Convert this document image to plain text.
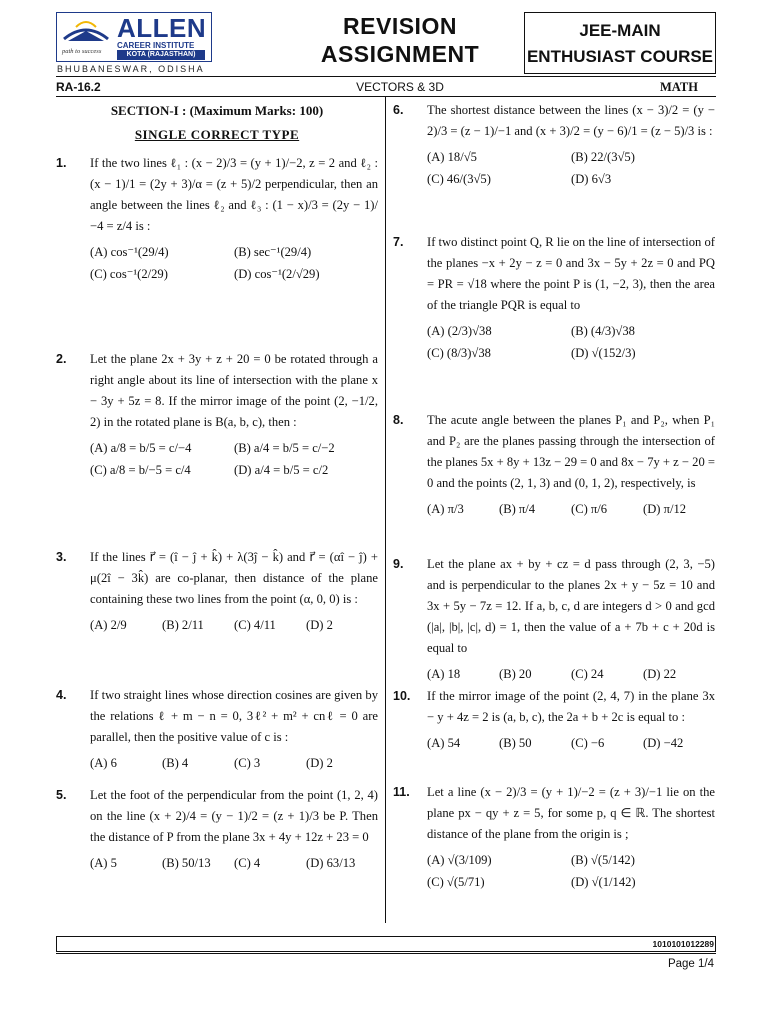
ALLEN
CAREER INSTITUTE
KOTA (RAJASTHAN)
path to success
BHUBANESWAR, ODISHA
REVISION
ASSIGNMENT
JEE-MAIN
ENTHUSIAST COURSE
RA-16.2	VECTORS & 3D	MATH
SECTION-I : (Maximum Marks: 100)
SINGLE CORRECT TYPE
1. If the two lines ℓ₁ : (x − 2)/3 = (y + 1)/−2, z = 2 and ℓ₂ : (x − 1)/1 = (2y + 3)/α = (z + 5)/2 perpendicular, then an angle between the lines ℓ₂ and ℓ₃ : (1 − x)/3 = (2y − 1)/−4 = z/4 is :
(A) cos⁻¹(29/4)	(B) sec⁻¹(29/4)
(C) cos⁻¹(2/29)	(D) cos⁻¹(2/√29)
2. Let the plane 2x + 3y + z + 20 = 0 be rotated through a right angle about its line of intersection with the plane x − 3y + 5z = 8. If the mirror image of the point (2, −1/2, 2) in the rotated plane is B(a, b, c), then :
(A) a/8 = b/5 = c/−4	(B) a/4 = b/5 = c/−2
(C) a/8 = b/−5 = c/4	(D) a/4 = b/5 = c/2
3. If the lines r⃗ = (î − ĵ + k̂) + λ(3ĵ − k̂) and r⃗ = (αî − ĵ) + μ(2î − 3k̂) are co-planar, then distance of the plane containing these two lines from the point (α, 0, 0) is :
(A) 2/9	(B) 2/11	(C) 4/11	(D) 2
4. If two straight lines whose direction cosines are given by the relations ℓ + m − n = 0, 3ℓ² + m² + cnℓ = 0 are parallel, then the positive value of c is :
(A) 6	(B) 4	(C) 3	(D) 2
5. Let the foot of the perpendicular from the point (1, 2, 4) on the line (x + 2)/4 = (y − 1)/2 = (z + 1)/3 be P. Then the distance of P from the plane 3x + 4y + 12z + 23 = 0
(A) 5	(B) 50/13	(C) 4	(D) 63/13
6. The shortest distance between the lines (x − 3)/2 = (y − 2)/3 = (z − 1)/−1 and (x + 3)/2 = (y − 6)/1 = (z − 5)/3 is :
(A) 18/√5	(B) 22/(3√5)
(C) 46/(3√5)	(D) 6√3
7. If two distinct point Q, R lie on the line of intersection of the planes −x + 2y − z = 0 and 3x − 5y + 2z = 0 and PQ = PR = √18 where the point P is (1, −2, 3), then the area of the triangle PQR is equal to
(A) (2/3)√38	(B) (4/3)√38
(C) (8/3)√38	(D) √(152/3)
8. The acute angle between the planes P₁ and P₂, when P₁ and P₂ are the planes passing through the intersection of the planes 5x + 8y + 13z − 29 = 0 and 8x − 7y + z − 20 = 0 and the points (2, 1, 3) and (0, 1, 2), respectively, is
(A) π/3	(B) π/4	(C) π/6	(D) π/12
9. Let the plane ax + by + cz = d pass through (2, 3, −5) and is perpendicular to the planes 2x + y − 5z = 10 and 3x + 5y − 7z = 12. If a, b, c, d are integers d > 0 and gcd (|a|, |b|, |c|, d) = 1, then the value of a + 7b + c + 20d is equal to
(A) 18	(B) 20	(C) 24	(D) 22
10. If the mirror image of the point (2, 4, 7) in the plane 3x − y + 4z = 2 is (a, b, c), the 2a + b + 2c is equal to :
(A) 54	(B) 50	(C) −6	(D) −42
11. Let a line (x − 2)/3 = (y + 1)/−2 = (z + 3)/−1 lie on the plane px − qy + z = 5, for some p, q ∈ ℝ. The shortest distance of the plane from the origin is ;
(A) √(3/109)	(B) √(5/142)
(C) √(5/71)	(D) √(1/142)
1010101012289
Page 1/4
